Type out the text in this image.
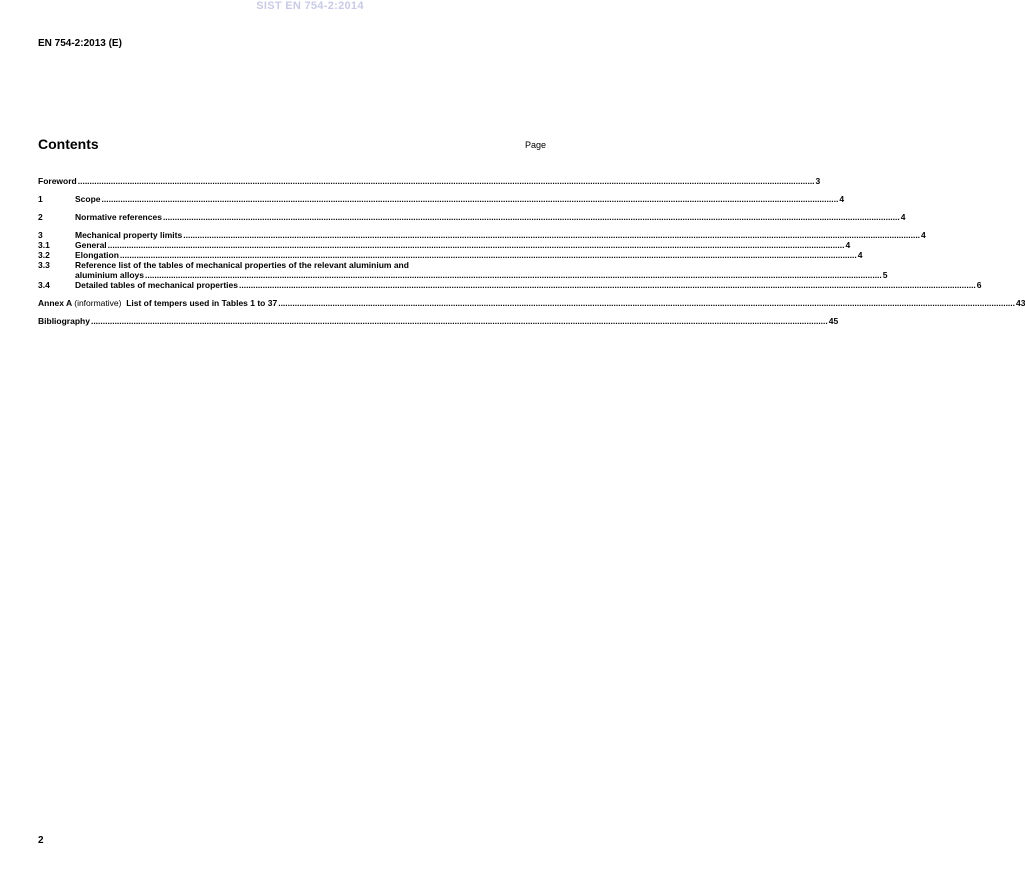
SIST EN 754-2:2014
EN 754-2:2013 (E)
Contents	Page
Foreword .....	3
1	Scope .....	4
2	Normative references .....	4
3	Mechanical property limits .....	4
3.1	General .....	4
3.2	Elongation .....	4
3.3	Reference list of the tables of mechanical properties of the relevant aluminium and
aluminium alloys .....	5
3.4	Detailed tables of mechanical properties .....	6
Annex A (informative) List of tempers used in Tables 1 to 37 .....	43
Bibliography .....	45
2
